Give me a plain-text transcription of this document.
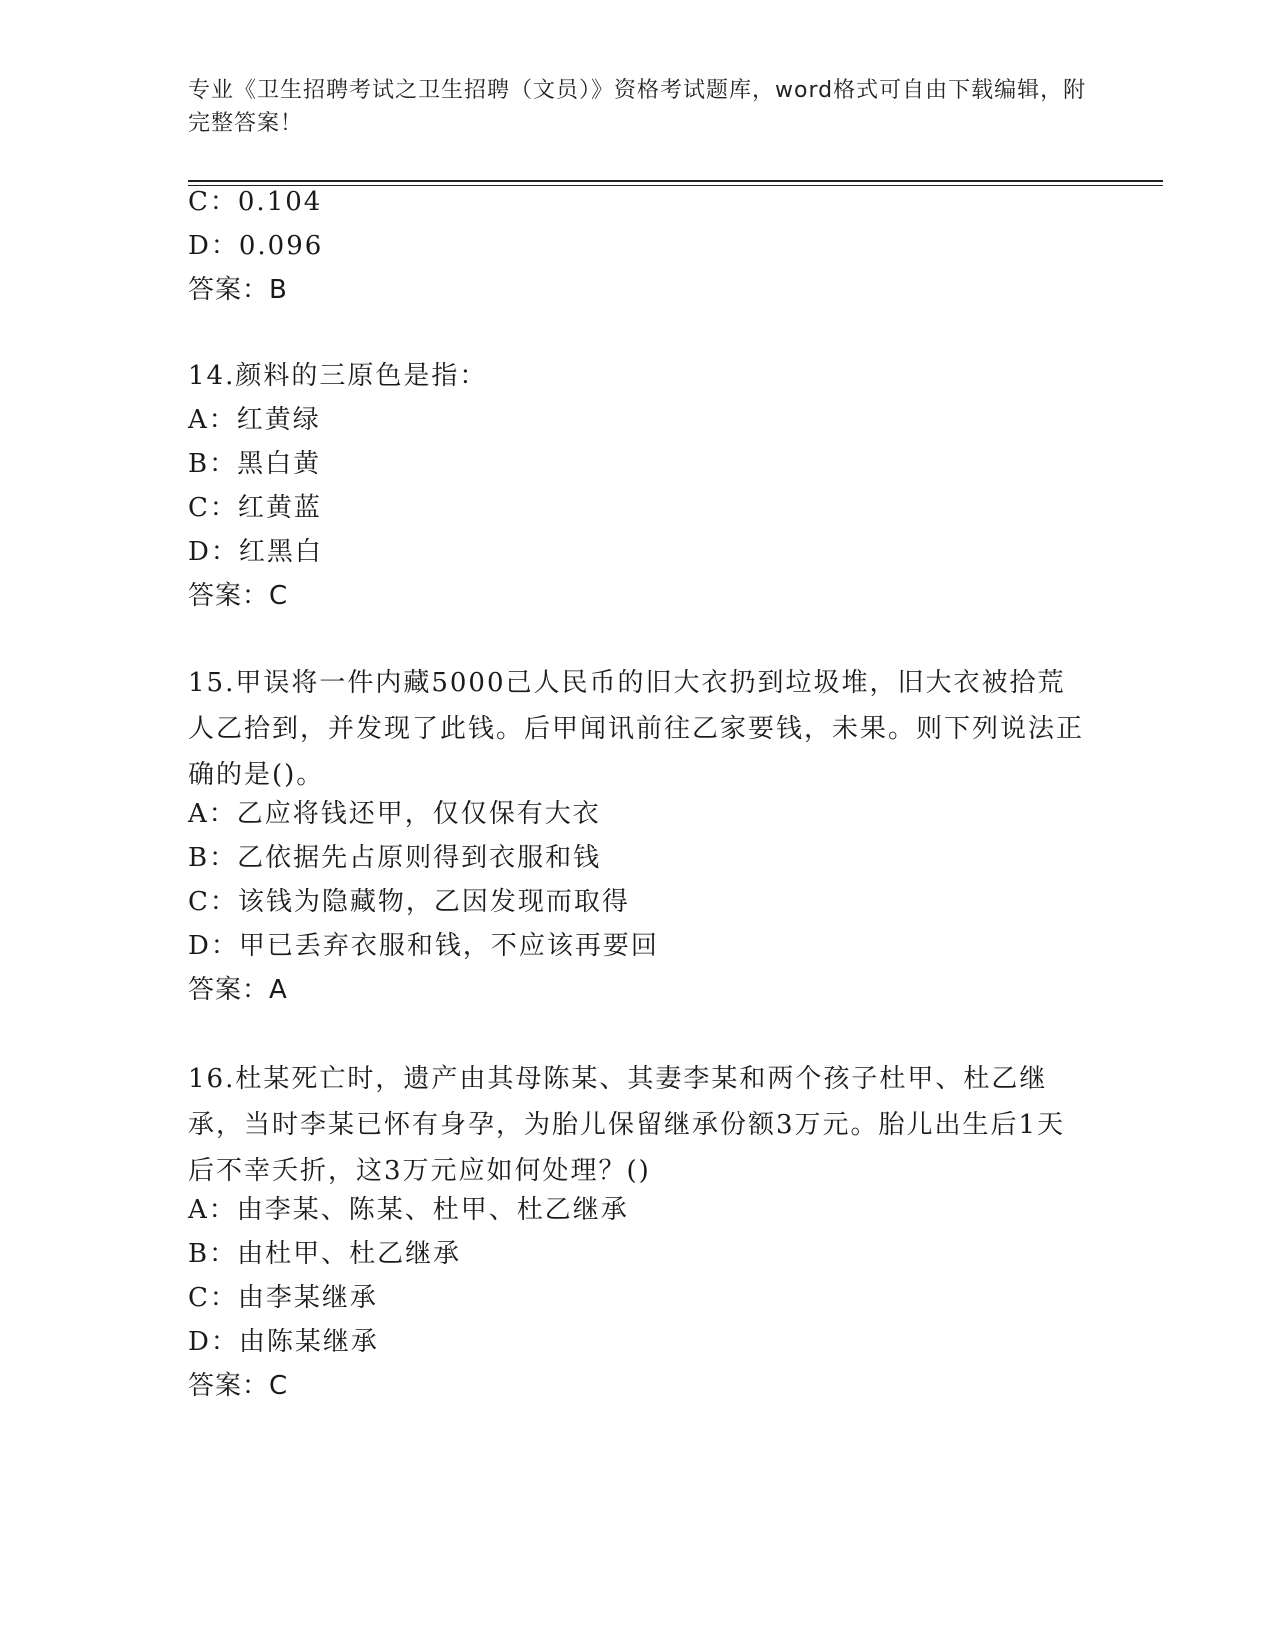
专业《卫生招聘考试之卫生招聘（文员）》资格考试题库，word格式可自由下载编辑，附完整答案！
C：0.104
D：0.096
答案：B
14.颜料的三原色是指：
A：红黄绿
B：黑白黄
C：红黄蓝
D：红黑白
答案：C
15.甲误将一件内藏5000己人民币的旧大衣扔到垃圾堆，旧大衣被拾荒人乙拾到，并发现了此钱。后甲闻讯前往乙家要钱，未果。则下列说法正确的是()。
A：乙应将钱还甲，仅仅保有大衣
B：乙依据先占原则得到衣服和钱
C：该钱为隐藏物，乙因发现而取得
D：甲已丢弃衣服和钱，不应该再要回
答案：A
16.杜某死亡时，遗产由其母陈某、其妻李某和两个孩子杜甲、杜乙继承，当时李某已怀有身孕，为胎儿保留继承份额3万元。胎儿出生后1天后不幸夭折，这3万元应如何处理？()
A：由李某、陈某、杜甲、杜乙继承
B：由杜甲、杜乙继承
C：由李某继承
D：由陈某继承
答案：C
